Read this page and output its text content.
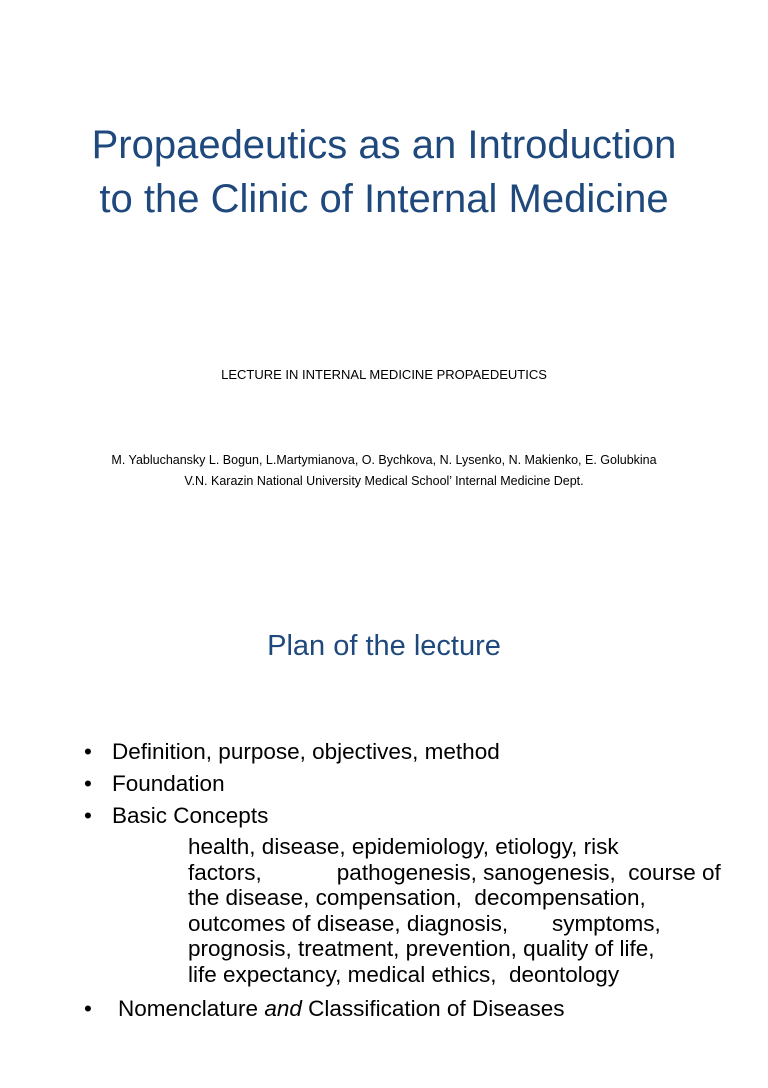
Propaedeutics as an Introduction
to the Clinic of Internal Medicine

LECTURE IN INTERNAL MEDICINE PROPAEDEUTICS

M. Yabluchansky L. Bogun, L.Martymianova, O. Bychkova, N. Lysenko, N. Makienko, E. Golubkina
V.N. Karazin National University Medical School’ Internal Medicine Dept.
Plan of the lecture
• Definition, purpose, objectives, method
• Foundation
• Basic Concepts
health, disease, epidemiology, etiology, risk
factors,            pathogenesis, sanogenesis,  course of
the disease, compensation,  decompensation,
outcomes of disease, diagnosis,       symptoms,
prognosis, treatment, prevention, quality of life,
life expectancy, medical ethics,  deontology
• Nomenclature and Classification of Diseases
